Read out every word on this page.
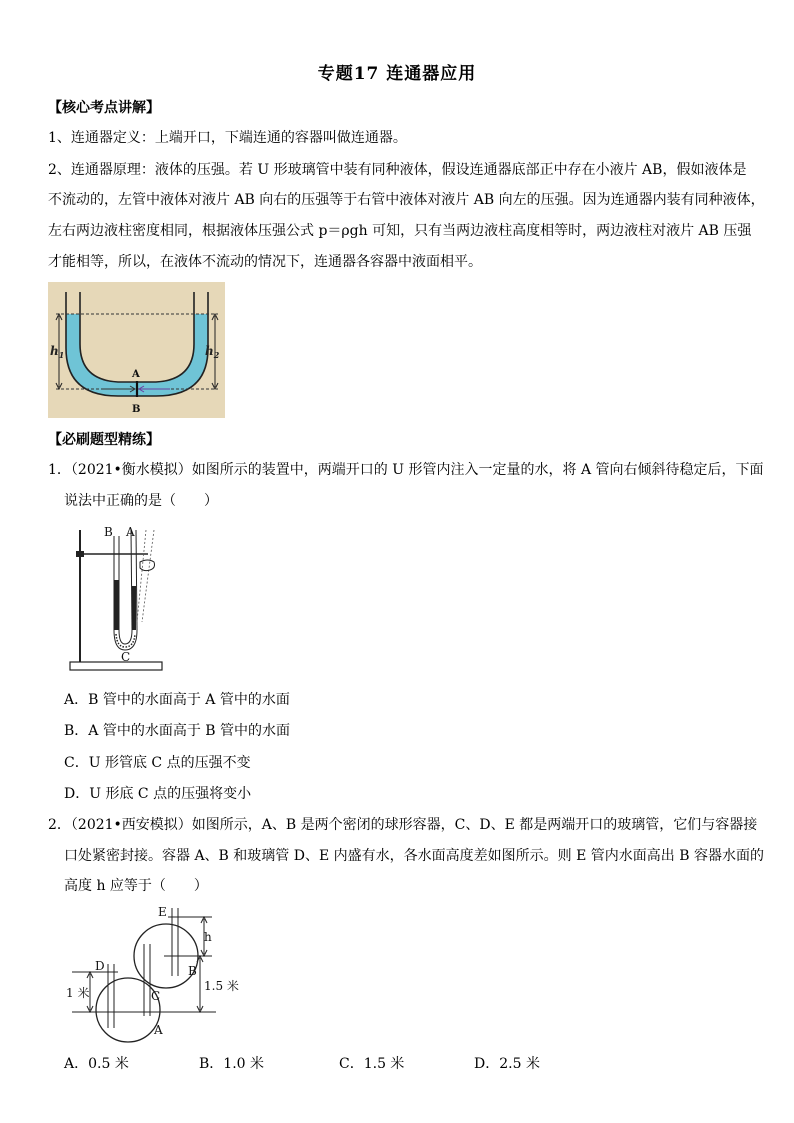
专题17 连通器应用
【核心考点讲解】
1、连通器定义：上端开口，下端连通的容器叫做连通器。
2、连通器原理：液体的压强。若 U 形玻璃管中装有同种液体，假设连通器底部正中存在小液片 AB，假如液体是
不流动的，左管中液体对液片 AB 向右的压强等于右管中液体对液片 AB 向左的压强。因为连通器内装有同种液体，
左右两边液柱密度相同，根据液体压强公式 p＝ρgh 可知，只有当两边液柱高度相等时，两边液柱对液片 AB 压强
才能相等，所以，在液体不流动的情况下，连通器各容器中液面相平。
$h_1$	$h_2$
A
B
【必刷题型精练】
1．（2021•衡水模拟）如图所示的装置中，两端开口的 U 形管内注入一定量的水，将 A 管向右倾斜待稳定后，下面
说法中正确的是（　　）
B A
C
A．B 管中的水面高于 A 管中的水面
B．A 管中的水面高于 B 管中的水面
C．U 形管底 C 点的压强不变
D．U 形底 C 点的压强将变小
2．（2021•西安模拟）如图所示，A、B 是两个密闭的球形容器，C、D、E 都是两端开口的玻璃管，它们与容器接
口处紧密封接。容器 A、B 和玻璃管 D、E 内盛有水，各水面高度差如图所示。则 E 管内水面高出 B 容器水面的
高度 h 应等于（　　）
E
h
D	B
C
A
1 米	1.5 米
A．0.5 米	B．1.0 米	C．1.5 米	D．2.5 米
